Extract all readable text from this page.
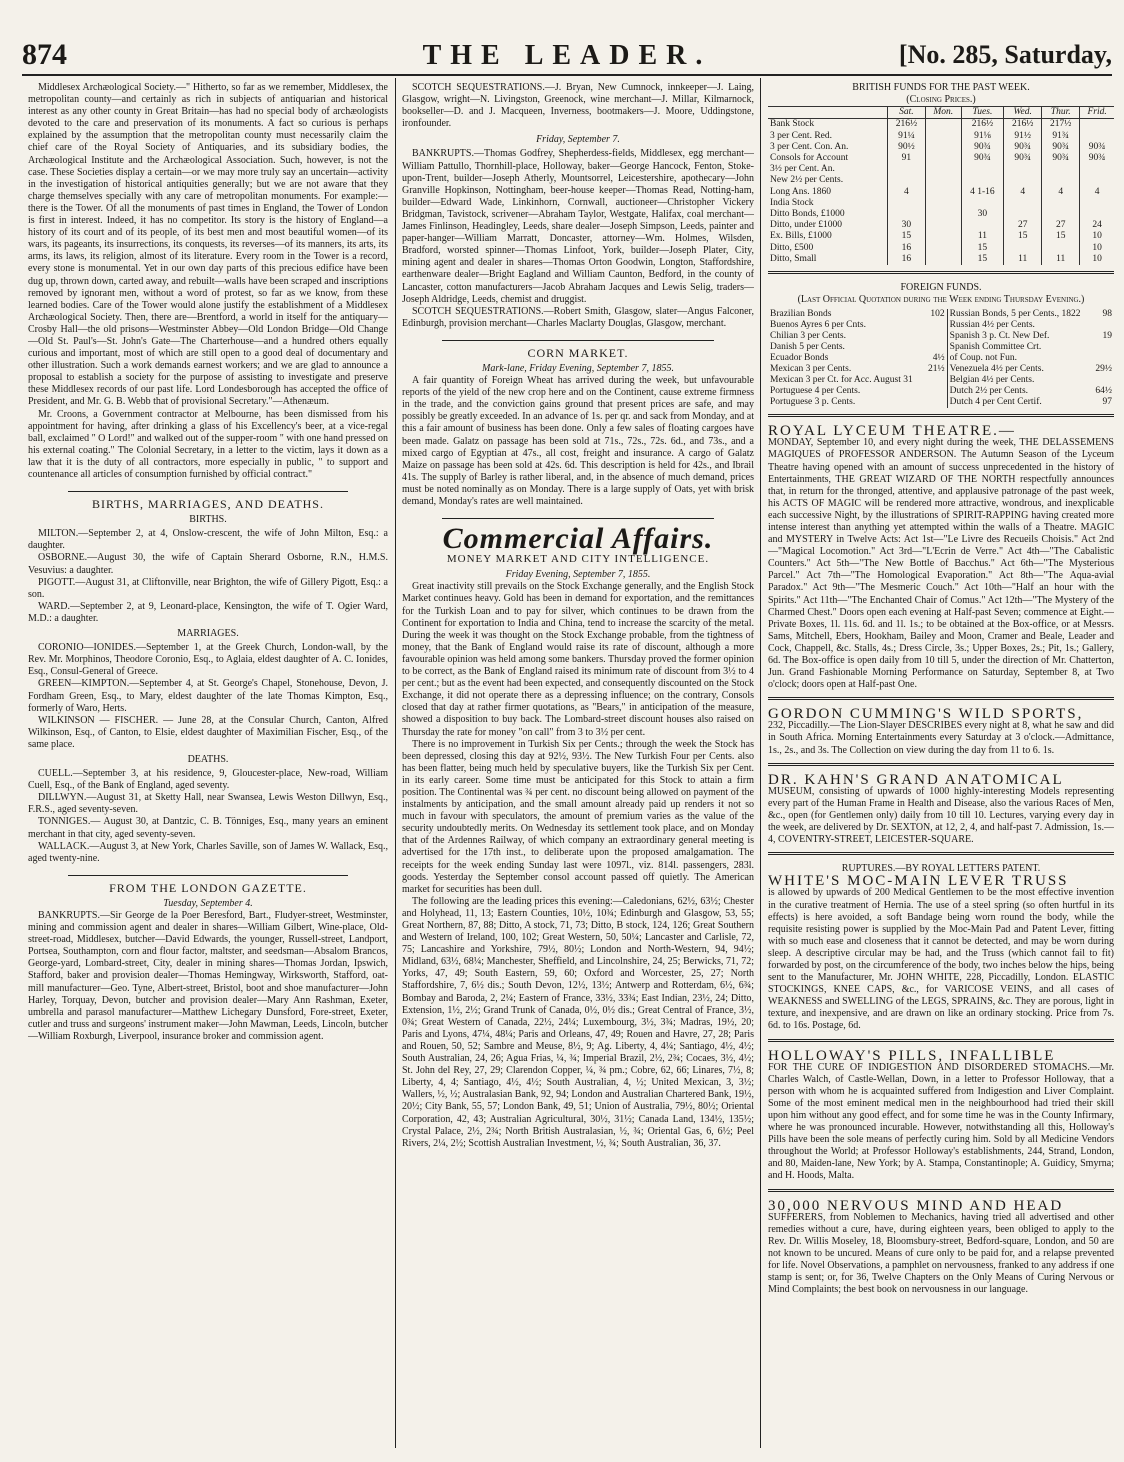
874	THE LEADER.	[No. 285, Saturday,

Middlesex Archæological Society.—" Hitherto, so far as we remember, Middlesex, the metropolitan county—and certainly as rich in subjects of antiquarian and historical interest as any other county in Great Britain—has had no special body of archæologists devoted to the care and preservation of its monuments. A fact so curious is perhaps explained by the assumption that the metropolitan county must necessarily claim the chief care of the Royal Society of Antiquaries, and its subsidiary bodies, the Archæological Institute and the Archæological Association. Such, however, is not the case. These Societies display a certain—or we may more truly say an uncertain—activity in the investigation of historical antiquities generally; but we are not aware that they charge themselves specially with any care of metropolitan monuments. For example:—there is the Tower. Of all the monuments of past times in England, the Tower of London is first in interest. Indeed, it has no competitor. Its story is the history of England—a history of its court and of its people, of its best men and most beautiful women—of its wars, its pageants, its insurrections, its conquests, its reverses—of its manners, its arts, its arms, its laws, its religion, almost of its literature. Every room in the Tower is a record, every stone is monumental. Yet in our own day parts of this precious edifice have been dug up, thrown down, carted away, and rebuilt—walls have been scraped and inscriptions removed by ignorant men, without a word of protest, so far as we know, from these learned bodies. Care of the Tower would alone justify the establishment of a Middlesex Archæological Society. Then, there are—Brentford, a world in itself for the antiquary—Crosby Hall—the old prisons—Westminster Abbey—Old London Bridge—Old Change—Old St. Paul's—St. John's Gate—The Charterhouse—and a hundred others equally curious and important, most of which are still open to a good deal of documentary and other illustration. Such a work demands earnest workers; and we are glad to announce a proposal to establish a society for the purpose of assisting to investigate and preserve these Middlesex records of our past life. Lord Londesborough has accepted the office of President, and Mr. G. B. Webb that of provisional Secretary."—Athenæum.

Mr. Croons, a Government contractor at Melbourne, has been dismissed from his appointment for having, after drinking a glass of his Excellency's beer, at a vice-regal ball, exclaimed " O Lord!" and walked out of the supper-room " with one hand pressed on his external coating." The Colonial Secretary, in a letter to the victim, lays it down as a law that it is the duty of all contractors, more especially in public, " to support and countenance all articles of consumption furnished by official contract."

BIRTHS, MARRIAGES, AND DEATHS.
BIRTHS.

MILTON.—September 2, at 4, Onslow-crescent, the wife of John Milton, Esq.: a daughter.

OSBORNE.—August 30, the wife of Captain Sherard Osborne, R.N., H.M.S. Vesuvius: a daughter.

PIGOTT.—August 31, at Cliftonville, near Brighton, the wife of Gillery Pigott, Esq.: a son.

WARD.—September 2, at 9, Leonard-place, Kensington, the wife of T. Ogier Ward, M.D.: a daughter.

MARRIAGES.

CORONIO—IONIDES.—September 1, at the Greek Church, London-wall, by the Rev. Mr. Morphinos, Theodore Coronio, Esq., to Aglaia, eldest daughter of A. C. Ionides, Esq., Consul-General of Greece.

GREEN—KIMPTON.—September 4, at St. George's Chapel, Stonehouse, Devon, J. Fordham Green, Esq., to Mary, eldest daughter of the late Thomas Kimpton, Esq., formerly of Waro, Herts.

WILKINSON — FISCHER. — June 28, at the Consular Church, Canton, Alfred Wilkinson, Esq., of Canton, to Elsie, eldest daughter of Maximilian Fischer, Esq., of the same place.

DEATHS.

CUELL.—September 3, at his residence, 9, Gloucester-place, New-road, William Cuell, Esq., of the Bank of England, aged seventy.

DILLWYN.—August 31, at Sketty Hall, near Swansea, Lewis Weston Dillwyn, Esq., F.R.S., aged seventy-seven.

TONNIGES.— August 30, at Dantzic, C. B. Tönniges, Esq., many years an eminent merchant in that city, aged seventy-seven.

WALLACK.—August 3, at New York, Charles Saville, son of James W. Wallack, Esq., aged twenty-nine.

FROM THE LONDON GAZETTE.
Tuesday, September 4.

BANKRUPTS.—Sir George de la Poer Beresford, Bart., Fludyer-street, Westminster, mining and commission agent and dealer in shares—William Gilbert, Wine-place, Old-street-road, Middlesex, butcher—David Edwards, the younger, Russell-street, Landport, Portsea, Southampton, corn and flour factor, maltster, and seedsman—Absalom Brancos, George-yard, Lombard-street, City, dealer in mining shares—Thomas Jordan, Ipswich, Stafford, baker and provision dealer—Thomas Hemingway, Wirksworth, Stafford, oat-mill manufacturer—Geo. Tyne, Albert-street, Bristol, boot and shoe manufacturer—John Harley, Torquay, Devon, butcher and provision dealer—Mary Ann Rashman, Exeter, umbrella and parasol manufacturer—Matthew Lichegary Dunsford, Fore-street, Exeter, cutler and truss and surgeons' instrument maker—John Mawman, Leeds, Lincoln, butcher—William Roxburgh, Liverpool, insurance broker and commission agent.

SCOTCH SEQUESTRATIONS.—J. Bryan, New Cumnock, innkeeper—J. Laing, Glasgow, wright—N. Livingston, Greenock, wine merchant—J. Millar, Kilmarnock, bookseller—D. and J. Macqueen, Inverness, bootmakers—J. Moore, Uddingstone, ironfounder.

Friday, September 7.

BANKRUPTS.—Thomas Godfrey, Shepherdess-fields, Middlesex, egg merchant—William Pattullo, Thornhill-place, Holloway, baker—George Hancock, Fenton, Stoke-upon-Trent, builder—Joseph Atherly, Mountsorrel, Leicestershire, apothecary—John Granville Hopkinson, Nottingham, beer-house keeper—Thomas Read, Notting-ham, builder—Edward Wade, Linkinhorn, Cornwall, auctioneer—Christopher Vickery Bridgman, Tavistock, scrivener—Abraham Taylor, Westgate, Halifax, coal merchant—James Finlinson, Headingley, Leeds, share dealer—Joseph Simpson, Leeds, painter and paper-hanger—William Marratt, Doncaster, attorney—Wm. Holmes, Wilsden, Bradford, worsted spinner—Thomas Linfoot, York, builder—Joseph Plater, City, mining agent and dealer in shares—Thomas Orton Goodwin, Longton, Staffordshire, earthenware dealer—Bright Eagland and William Caunton, Bedford, in the county of Lancaster, cotton manufacturers—Jacob Abraham Jacques and Lewis Selig, traders—Joseph Aldridge, Leeds, chemist and druggist.

SCOTCH SEQUESTRATIONS.—Robert Smith, Glasgow, slater—Angus Falconer, Edinburgh, provision merchant—Charles Maclarty Douglas, Glasgow, merchant.

CORN MARKET.
Mark-lane, Friday Evening, September 7, 1855.

A fair quantity of Foreign Wheat has arrived during the week, but unfavourable reports of the yield of the new crop here and on the Continent, cause extreme firmness in the trade, and the conviction gains ground that present prices are safe, and may possibly be greatly exceeded. In an advance of 1s. per qr. and sack from Monday, and at this a fair amount of business has been done. Only a few sales of floating cargoes have been made. Galatz on passage has been sold at 71s., 72s., 72s. 6d., and 73s., and a mixed cargo of Egyptian at 47s., all cost, freight and insurance. A cargo of Galatz Maize on passage has been sold at 42s. 6d. This description is held for 42s., and Ibrail 41s. The supply of Barley is rather liberal, and, in the absence of much demand, prices must be noted nominally as on Monday. There is a large supply of Oats, yet with brisk demand, Monday's rates are well maintained.

Commercial Affairs.
MONEY MARKET AND CITY INTELLIGENCE.
Friday Evening, September 7, 1855.

Great inactivity still prevails on the Stock Exchange generally, and the English Stock Market continues heavy. Gold has been in demand for exportation, and the remittances for the Turkish Loan and to pay for silver, which continues to be drawn from the Continent for exportation to India and China, tend to increase the scarcity of the metal. During the week it was thought on the Stock Exchange probable, from the tightness of money, that the Bank of England would raise its rate of discount, although a more favourable opinion was held among some bankers. Thursday proved the former opinion to be correct, as the Bank of England raised its minimum rate of discount from 3½ to 4 per cent.; but as the event had been expected, and consequently discounted on the Stock Exchange, it did not operate there as a depressing influence; on the contrary, Consols closed that day at rather firmer quotations, as "Bears," in anticipation of the measure, showed a disposition to buy back. The Lombard-street discount houses also raised on Thursday the rate for money "on call" from 3 to 3½ per cent.

There is no improvement in Turkish Six per Cents.; through the week the Stock has been depressed, closing this day at 92½, 93½. The New Turkish Four per Cents. also has been flatter, being much held by speculative buyers, like the Turkish Six per Cent. in its early career. Some time must be anticipated for this Stock to attain a firm position. The Continental was ¾ per cent. no discount being allowed on payment of the instalments by anticipation, and the small amount already paid up renders it not so much in favour with speculators, the amount of premium varies as the value of the security undoubtedly merits. On Wednesday its settlement took place, and on Monday that of the Ardennes Railway, of which company an extraordinary general meeting is advertised for the 17th inst., to deliberate upon the proposed amalgamation. The receipts for the week ending Sunday last were 1097l., viz. 814l. passengers, 283l. goods. Yesterday the September consol account passed off quietly. The American market for securities has been dull.

The following are the leading prices this evening:—Caledonians, 62½, 63½; Chester and Holyhead, 11, 13; Eastern Counties, 10½, 10¾; Edinburgh and Glasgow, 53, 55; Great Northern, 87, 88; Ditto, A stock, 71, 73; Ditto, B stock, 124, 126; Great Southern and Western of Ireland, 100, 102; Great Western, 50, 50¼; Lancaster and Carlisle, 72, 75; Lancashire and Yorkshire, 79½, 80½; London and North-Western, 94, 94½; Midland, 63½, 68¼; Manchester, Sheffield, and Lincolnshire, 24, 25; Berwicks, 71, 72; Yorks, 47, 49; South Eastern, 59, 60; Oxford and Worcester, 25, 27; North Staffordshire, 7, 6½ dis.; South Devon, 12½, 13½; Antwerp and Rotterdam, 6½, 6¾; Bombay and Baroda, 2, 2¼; Eastern of France, 33½, 33¾; East Indian, 23½, 24; Ditto, Extension, 1½, 2½; Grand Trunk of Canada, 0½, 0½ dis.; Great Central of France, 3½, 0¾; Great Western of Canada, 22½, 24¼; Luxembourg, 3½, 3¾; Madras, 19½, 20; Paris and Lyons, 47¼, 48¼; Paris and Orleans, 47, 49; Rouen and Havre, 27, 28; Paris and Rouen, 50, 52; Sambre and Meuse, 8½, 9; Ag. Liberty, 4, 4¼; Santiago, 4½, 4½; South Australian, 24, 26; Agua Frias, ¼, ¾; Imperial Brazil, 2½, 2¾; Cocaes, 3½, 4½; St. John del Rey, 27, 29; Clarendon Copper, ¼, ¾ pm.; Cobre, 62, 66; Linares, 7½, 8; Liberty, 4, 4; Santiago, 4½, 4½; South Australian, 4, ½; United Mexican, 3, 3½; Wallers, ½, ½; Australasian Bank, 92, 94; London and Australian Chartered Bank, 19½, 20½; City Bank, 55, 57; London Bank, 49, 51; Union of Australia, 79½, 80½; Oriental Corporation, 42, 43; Australian Agricultural, 30½, 31½; Canada Land, 134½, 135½; Crystal Palace, 2½, 2¾; North British Australasian, ½, ¾; Oriental Gas, 6, 6½; Peel Rivers, 2¼, 2½; Scottish Australian Investment, ½, ¾; South Australian, 36, 37.

BRITISH FUNDS FOR THE PAST WEEK.
(Closing Prices.)
	Sat.	Mon.	Tues.	Wed.	Thur.	Frid.
Bank Stock	216½		216½	216½	217½	
3 per Cent. Red.	91¼		91⅛	91½	91¾	
3 per Cent. Con. An.	90½		90¾	90¾	90¾	90¾
Consols for Account	91		90¾	90¾	90¾	90¾
3½ per Cent. An.						
New 2½ per Cents.						
Long Ans. 1860	4		4 1-16	4	4	4
India Stock						
Ditto Bonds, £1000			30			
Ditto, under £1000	30			27	27	24
Ex. Bills, £1000	15		11	15	15	10
Ditto, £500	16		15			10
Ditto, Small	16		15	11	11	10
FOREIGN FUNDS.
(Last Official Quotation during the Week ending Thursday Evening.)
Brazilian Bonds	102	Russian Bonds, 5 per Cents., 1822	98
Buenos Ayres 6 per Cnts.		Russian 4½ per Cents.	
Chilian 3 per Cents.		Spanish 3 p. Ct. New Def.	19
Danish 5 per Cents.		Spanish Committee Crt.	
Ecuador Bonds	4½	of Coup. not Fun.	
Mexican 3 per Cents.	21½	Venezuela 4½ per Cents.	29½
Mexican 3 per Ct. for Acc. August 31		Belgian 4½ per Cents.	
Portuguese 4 per Cents.		Dutch 2½ per Cents.	64½
Portuguese 3 p. Cents.		Dutch 4 per Cent Certif.	97

ROYAL LYCEUM THEATRE.—

MONDAY, September 10, and every night during the week, THE DELASSEMENS MAGIQUES of PROFESSOR ANDERSON. The Autumn Season of the Lyceum Theatre having opened with an amount of success unprecedented in the history of Entertainments, THE GREAT WIZARD OF THE NORTH respectfully announces that, in return for the thronged, attentive, and applausive patronage of the past week, his ACTS OF MAGIC will be rendered more attractive, wondrous, and inexplicable each successive Night, by the illustrations of SPIRIT-RAPPING having created more intense interest than anything yet attempted within the walls of a Theatre. MAGIC and MYSTERY in Twelve Acts: Act 1st—"Le Livre des Recueils Choisis." Act 2nd—"Magical Locomotion." Act 3rd—"L'Ecrin de Verre." Act 4th—"The Cabalistic Counters." Act 5th—"The New Bottle of Bacchus." Act 6th—"The Mysterious Parcel." Act 7th—"The Homological Evaporation." Act 8th—"The Aqua-avial Paradox." Act 9th—"The Mesmeric Couch." Act 10th—"Half an hour with the Spirits." Act 11th—"The Enchanted Chair of Comus." Act 12th—"The Mystery of the Charmed Chest." Doors open each evening at Half-past Seven; commence at Eight.—Private Boxes, 1l. 11s. 6d. and 1l. 1s.; to be obtained at the Box-office, or at Messrs. Sams, Mitchell, Ebers, Hookham, Bailey and Moon, Cramer and Beale, Leader and Cock, Chappell, &c. Stalls, 4s.; Dress Circle, 3s.; Upper Boxes, 2s.; Pit, 1s.; Gallery, 6d. The Box-office is open daily from 10 till 5, under the direction of Mr. Chatterton, Jun. Grand Fashionable Morning Performance on Saturday, September 8, at Two o'clock; doors open at Half-past One.

GORDON CUMMING'S WILD SPORTS,

232, Piccadilly.—The Lion-Slayer DESCRIBES every night at 8, what he saw and did in South Africa. Morning Entertainments every Saturday at 3 o'clock.—Admittance, 1s., 2s., and 3s. The Collection on view during the day from 11 to 6. 1s.

DR. KAHN'S GRAND ANATOMICAL

MUSEUM, consisting of upwards of 1000 highly-interesting Models representing every part of the Human Frame in Health and Disease, also the various Races of Men, &c., open (for Gentlemen only) daily from 10 till 10. Lectures, varying every day in the week, are delivered by Dr. SEXTON, at 12, 2, 4, and half-past 7. Admission, 1s.—4, COVENTRY-STREET, LEICESTER-SQUARE.

RUPTURES.—BY ROYAL LETTERS PATENT.

WHITE'S MOC-MAIN LEVER TRUSS

is allowed by upwards of 200 Medical Gentlemen to be the most effective invention in the curative treatment of Hernia. The use of a steel spring (so often hurtful in its effects) is here avoided, a soft Bandage being worn round the body, while the requisite resisting power is supplied by the Moc-Main Pad and Patent Lever, fitting with so much ease and closeness that it cannot be detected, and may be worn during sleep. A descriptive circular may be had, and the Truss (which cannot fail to fit) forwarded by post, on the circumference of the body, two inches below the hips, being sent to the Manufacturer, Mr. JOHN WHITE, 228, Piccadilly, London. ELASTIC STOCKINGS, KNEE CAPS, &c., for VARICOSE VEINS, and all cases of WEAKNESS and SWELLING of the LEGS, SPRAINS, &c. They are porous, light in texture, and inexpensive, and are drawn on like an ordinary stocking. Price from 7s. 6d. to 16s. Postage, 6d.

HOLLOWAY'S PILLS, INFALLIBLE

FOR THE CURE OF INDIGESTION AND DISORDERED STOMACHS.—Mr. Charles Walch, of Castle-Wellan, Down, in a letter to Professor Holloway, that a person with whom he is acquainted suffered from Indigestion and Liver Complaint. Some of the most eminent medical men in the neighbourhood had tried their skill upon him without any good effect, and for some time he was in the County Infirmary, where he was pronounced incurable. However, notwithstanding all this, Holloway's Pills have been the sole means of perfectly curing him. Sold by all Medicine Vendors throughout the World; at Professor Holloway's establishments, 244, Strand, London, and 80, Maiden-lane, New York; by A. Stampa, Constantinople; A. Guidicy, Smyrna; and H. Hoods, Malta.

30,000 NERVOUS MIND AND HEAD

SUFFERERS, from Noblemen to Mechanics, having tried all advertised and other remedies without a cure, have, during eighteen years, been obliged to apply to the Rev. Dr. Willis Moseley, 18, Bloomsbury-street, Bedford-square, London, and 50 are not known to be uncured. Means of cure only to be paid for, and a relapse prevented for life. Novel Observations, a pamphlet on nervousness, franked to any address if one stamp is sent; or, for 36, Twelve Chapters on the Only Means of Curing Nervous or Mind Complaints; the best book on nervousness in our language.
